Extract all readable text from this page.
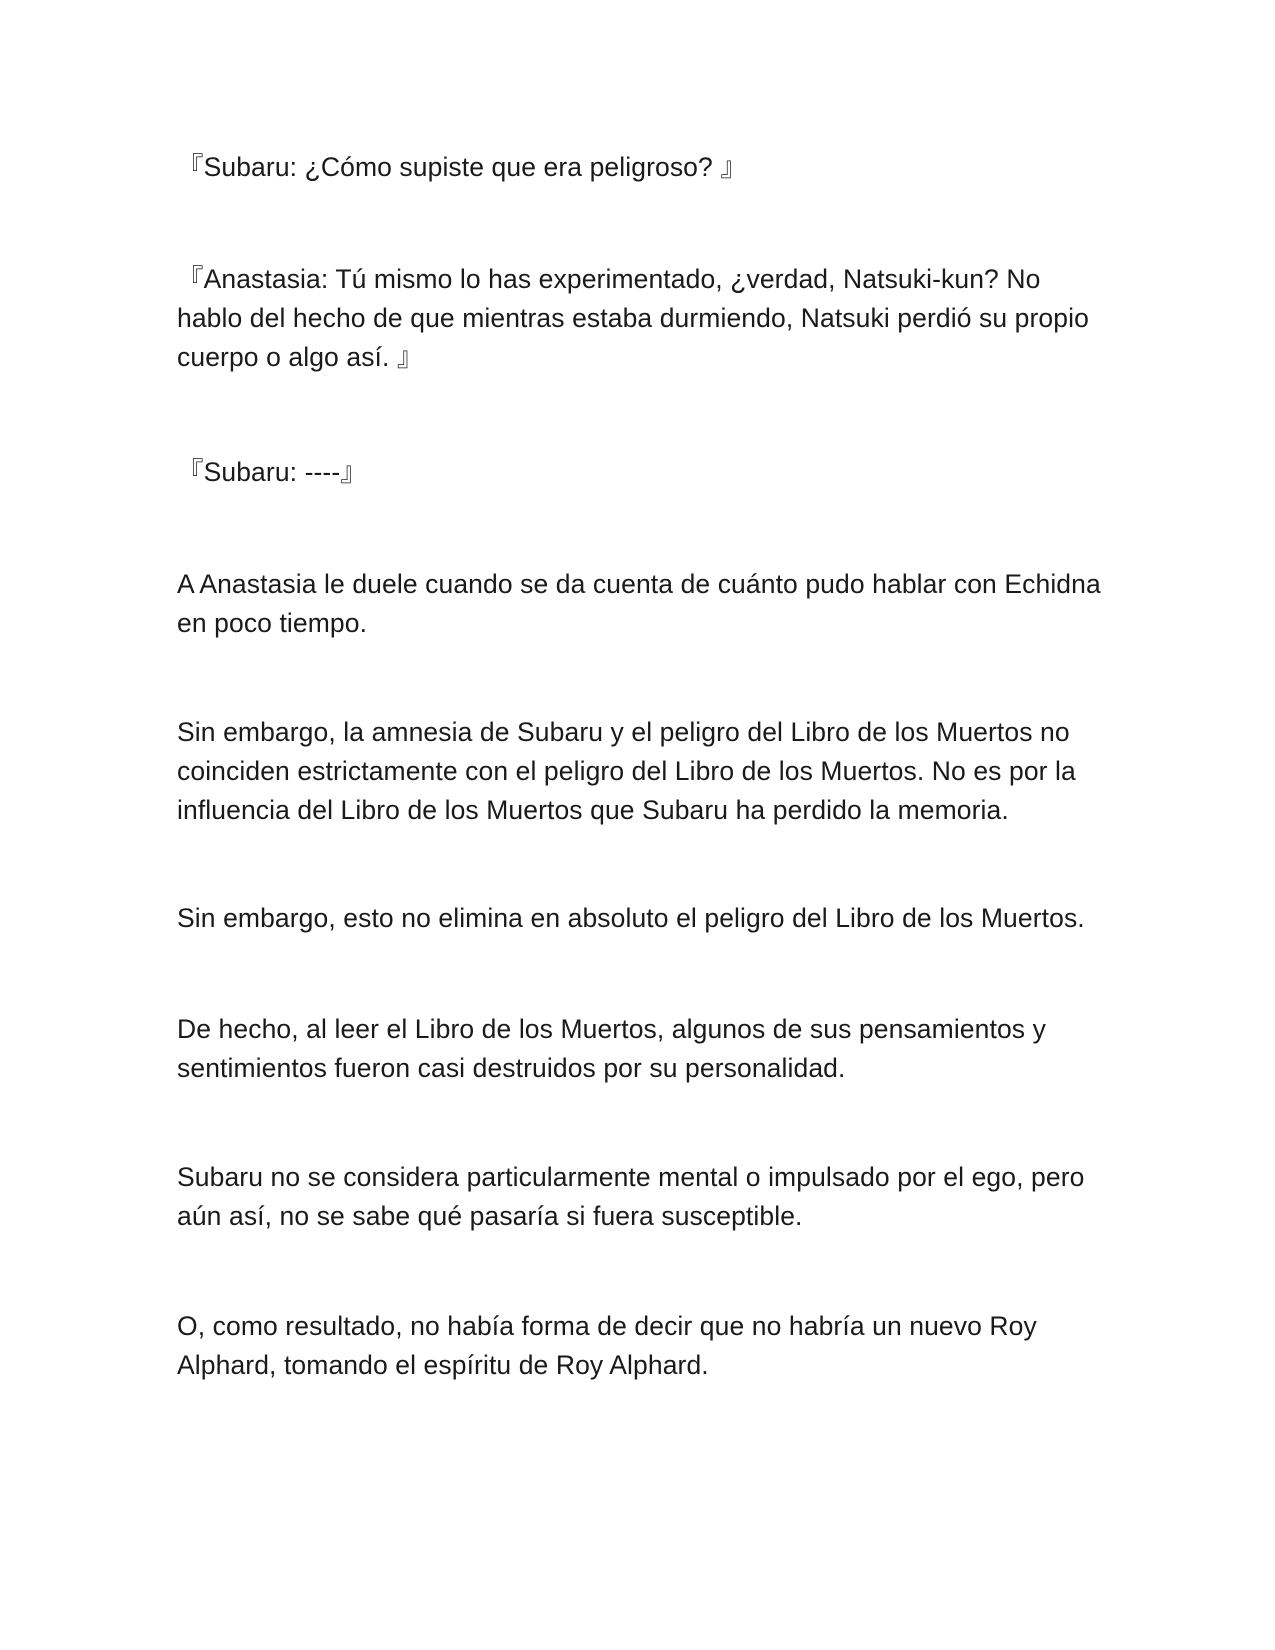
『Subaru: ¿Cómo supiste que era peligroso? 』

『Anastasia: Tú mismo lo has experimentado, ¿verdad, Natsuki-kun? No
hablo del hecho de que mientras estaba durmiendo, Natsuki perdió su propio
cuerpo o algo así. 』

『Subaru: ----』

A Anastasia le duele cuando se da cuenta de cuánto pudo hablar con Echidna
en poco tiempo.

Sin embargo, la amnesia de Subaru y el peligro del Libro de los Muertos no
coinciden estrictamente con el peligro del Libro de los Muertos. No es por la
influencia del Libro de los Muertos que Subaru ha perdido la memoria.

Sin embargo, esto no elimina en absoluto el peligro del Libro de los Muertos.

De hecho, al leer el Libro de los Muertos, algunos de sus pensamientos y
sentimientos fueron casi destruidos por su personalidad.

Subaru no se considera particularmente mental o impulsado por el ego, pero
aún así, no se sabe qué pasaría si fuera susceptible.

O, como resultado, no había forma de decir que no habría un nuevo Roy
Alphard, tomando el espíritu de Roy Alphard.
